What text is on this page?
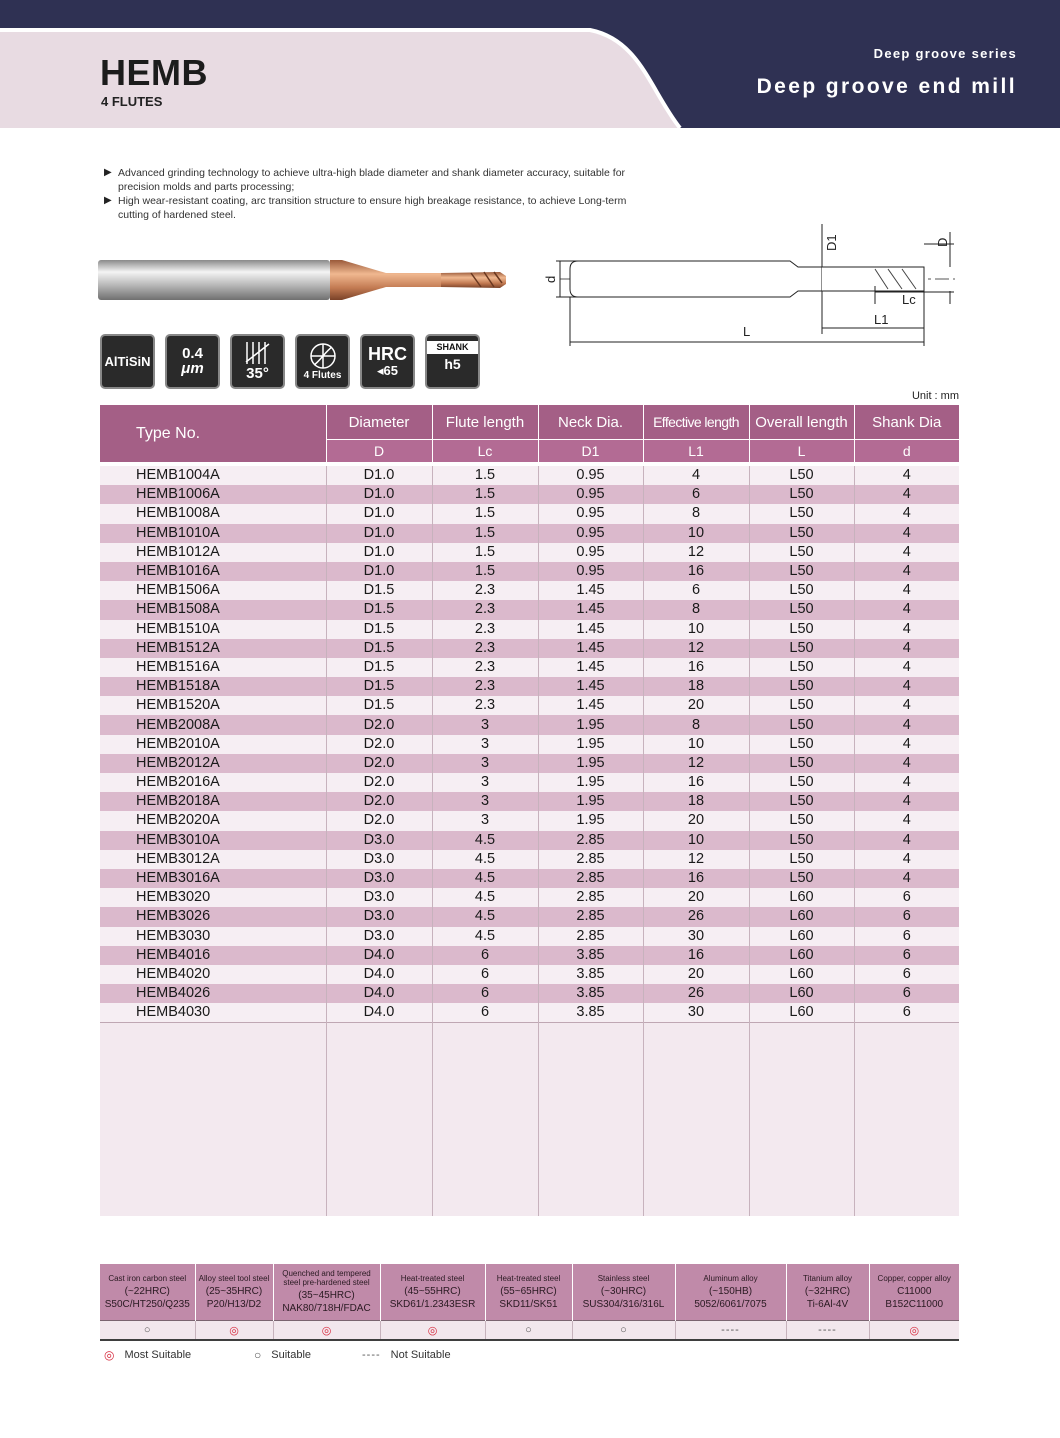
HEMB
4 FLUTES
Deep groove series
Deep groove end mill
▶ Advanced grinding technology to achieve ultra-high blade diameter and shank diameter accuracy, suitable for precision molds and parts processing;
▶ High wear-resistant coating, arc transition structure to ensure high breakage resistance, to achieve Long-term cutting of hardened steel.
d
D1	D
Lc
L1
L
AlTiSiN 0.4
μm	35°	4 Flutes
HRC
◂65
SHANK
h5
Unit : mm
Type No.	Diameter	Flute length	Neck Dia.	Effective length	Overall length	Shank Dia
	D	Lc	D1	L1	L	d

HEMB1004A	D1.0	1.5	0.95	4	L50	4
HEMB1006A	D1.0	1.5	0.95	6	L50	4
HEMB1008A	D1.0	1.5	0.95	8	L50	4
HEMB1010A	D1.0	1.5	0.95	10	L50	4
HEMB1012A	D1.0	1.5	0.95	12	L50	4
HEMB1016A	D1.0	1.5	0.95	16	L50	4
HEMB1506A	D1.5	2.3	1.45	6	L50	4
HEMB1508A	D1.5	2.3	1.45	8	L50	4
HEMB1510A	D1.5	2.3	1.45	10	L50	4
HEMB1512A	D1.5	2.3	1.45	12	L50	4
HEMB1516A	D1.5	2.3	1.45	16	L50	4
HEMB1518A	D1.5	2.3	1.45	18	L50	4
HEMB1520A	D1.5	2.3	1.45	20	L50	4
HEMB2008A	D2.0	3	1.95	8	L50	4
HEMB2010A	D2.0	3	1.95	10	L50	4
HEMB2012A	D2.0	3	1.95	12	L50	4
HEMB2016A	D2.0	3	1.95	16	L50	4
HEMB2018A	D2.0	3	1.95	18	L50	4
HEMB2020A	D2.0	3	1.95	20	L50	4
HEMB3010A	D3.0	4.5	2.85	10	L50	4
HEMB3012A	D3.0	4.5	2.85	12	L50	4
HEMB3016A	D3.0	4.5	2.85	16	L50	4
HEMB3020	D3.0	4.5	2.85	20	L60	6
HEMB3026	D3.0	4.5	2.85	26	L60	6
HEMB3030	D3.0	4.5	2.85	30	L60	6
HEMB4016	D4.0	6	3.85	16	L60	6
HEMB4020	D4.0	6	3.85	20	L60	6
HEMB4026	D4.0	6	3.85	26	L60	6
HEMB4030	D4.0	6	3.85	30	L60	6

Cast iron carbon steel
(~22HRC)
S50C/HT250/Q235	Alloy steel tool steel
(25~35HRC)
P20/H13/D2	Quenched and tempered steel pre-hardened steel
(35~45HRC)
NAK80/718H/FDAC	Heat-treated steel
(45~55HRC)
SKD61/1.2343ESR	Heat-treated steel
(55~65HRC)
SKD11/SK51	Stainless steel
(~30HRC)
SUS304/316/316L	Aluminum alloy
(~150HB)
5052/6061/7075	Titanium alloy
(~32HRC)
Ti-6Al-4V	Copper, copper alloy
C11000
B152C11000

○	◎	◎	◎	○	○	----	----	◎
◎ Most Suitable	○ Suitable	---- Not Suitable
